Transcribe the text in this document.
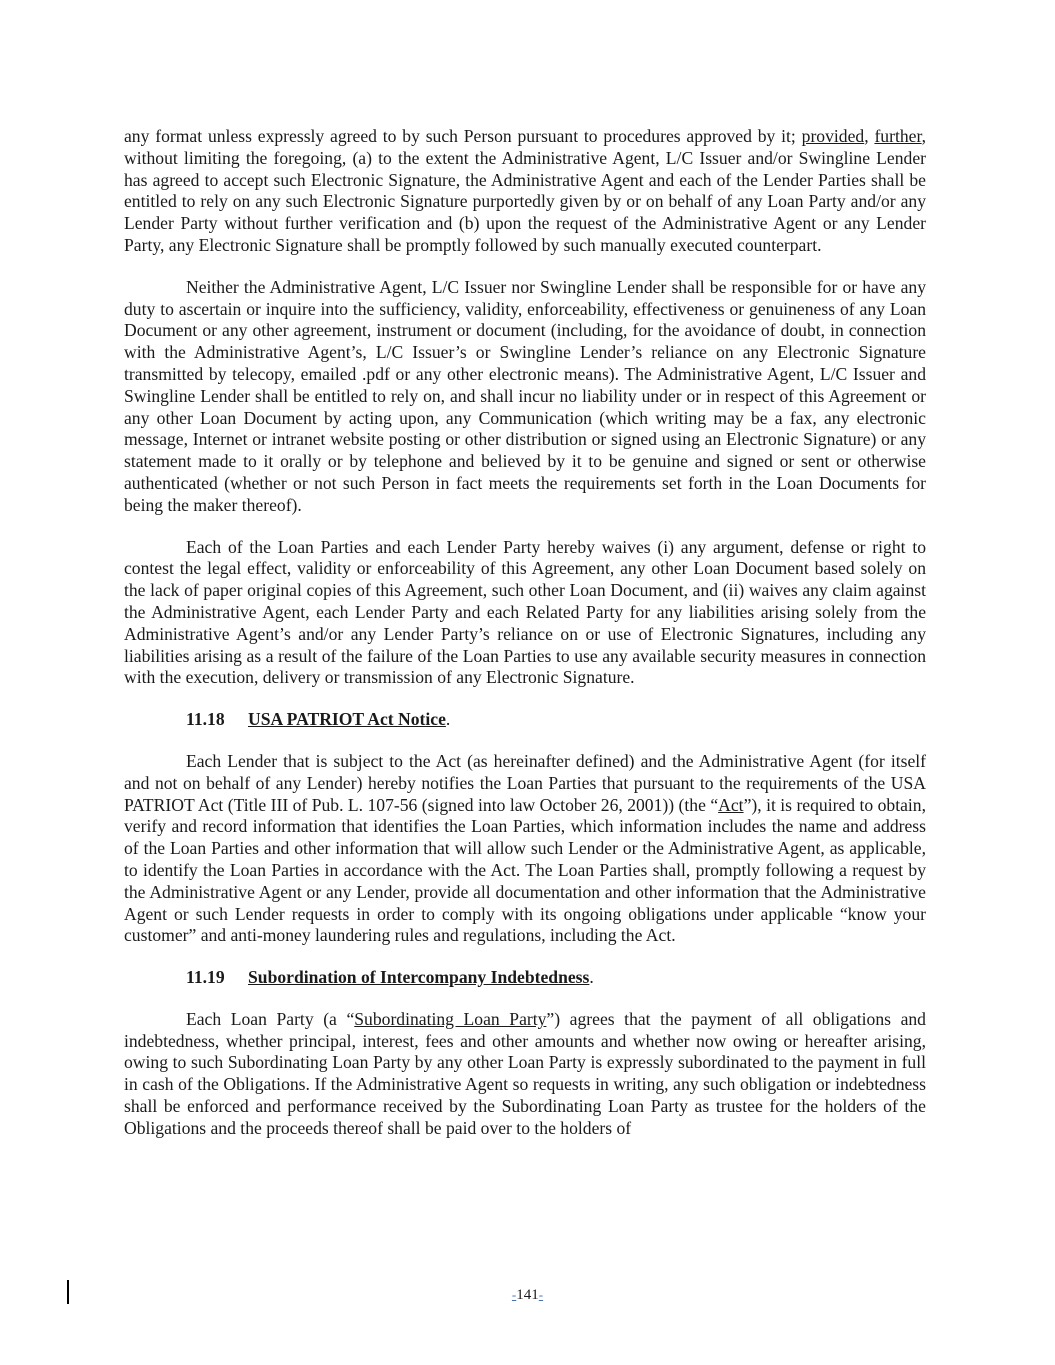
any format unless expressly agreed to by such Person pursuant to procedures approved by it; provided, further, without limiting the foregoing, (a) to the extent the Administrative Agent, L/C Issuer and/or Swingline Lender has agreed to accept such Electronic Signature, the Administrative Agent and each of the Lender Parties shall be entitled to rely on any such Electronic Signature purportedly given by or on behalf of any Loan Party and/or any Lender Party without further verification and (b) upon the request of the Administrative Agent or any Lender Party, any Electronic Signature shall be promptly followed by such manually executed counterpart.

Neither the Administrative Agent, L/C Issuer nor Swingline Lender shall be responsible for or have any duty to ascertain or inquire into the sufficiency, validity, enforceability, effectiveness or genuineness of any Loan Document or any other agreement, instrument or document (including, for the avoidance of doubt, in connection with the Administrative Agent’s, L/C Issuer’s or Swingline Lender’s reliance on any Electronic Signature transmitted by telecopy, emailed .pdf or any other electronic means). The Administrative Agent, L/C Issuer and Swingline Lender shall be entitled to rely on, and shall incur no liability under or in respect of this Agreement or any other Loan Document by acting upon, any Communication (which writing may be a fax, any electronic message, Internet or intranet website posting or other distribution or signed using an Electronic Signature) or any statement made to it orally or by telephone and believed by it to be genuine and signed or sent or otherwise authenticated (whether or not such Person in fact meets the requirements set forth in the Loan Documents for being the maker thereof).

Each of the Loan Parties and each Lender Party hereby waives (i) any argument, defense or right to contest the legal effect, validity or enforceability of this Agreement, any other Loan Document based solely on the lack of paper original copies of this Agreement, such other Loan Document, and (ii) waives any claim against the Administrative Agent, each Lender Party and each Related Party for any liabilities arising solely from the Administrative Agent’s and/or any Lender Party’s reliance on or use of Electronic Signatures, including any liabilities arising as a result of the failure of the Loan Parties to use any available security measures in connection with the execution, delivery or transmission of any Electronic Signature.

11.18 USA PATRIOT Act Notice.

Each Lender that is subject to the Act (as hereinafter defined) and the Administrative Agent (for itself and not on behalf of any Lender) hereby notifies the Loan Parties that pursuant to the requirements of the USA PATRIOT Act (Title III of Pub. L. 107-56 (signed into law October 26, 2001)) (the “Act”), it is required to obtain, verify and record information that identifies the Loan Parties, which information includes the name and address of the Loan Parties and other information that will allow such Lender or the Administrative Agent, as applicable, to identify the Loan Parties in accordance with the Act. The Loan Parties shall, promptly following a request by the Administrative Agent or any Lender, provide all documentation and other information that the Administrative Agent or such Lender requests in order to comply with its ongoing obligations under applicable “know your customer” and anti-money laundering rules and regulations, including the Act.

11.19 Subordination of Intercompany Indebtedness.

Each Loan Party (a “Subordinating Loan Party”) agrees that the payment of all obligations and indebtedness, whether principal, interest, fees and other amounts and whether now owing or hereafter arising, owing to such Subordinating Loan Party by any other Loan Party is expressly subordinated to the payment in full in cash of the Obligations. If the Administrative Agent so requests in writing, any such obligation or indebtedness shall be enforced and performance received by the Subordinating Loan Party as trustee for the holders of the Obligations and the proceeds thereof shall be paid over to the holders of

-141-
